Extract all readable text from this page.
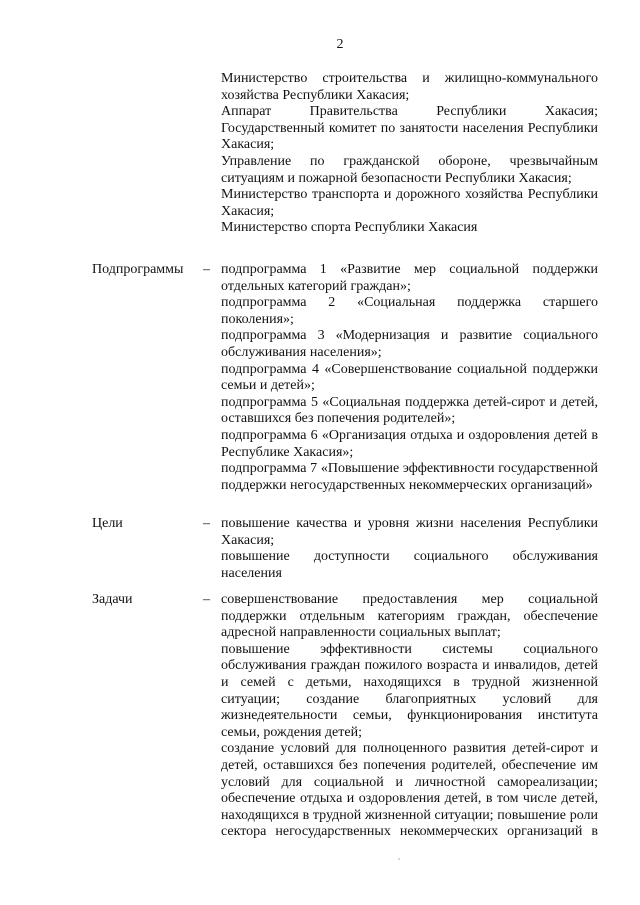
2
Министерство строительства и жилищно-коммунального
хозяйства Республики Хакасия;
Аппарат Правительства Республики Хакасия;
Государственный комитет по занятости населения Республики
Хакасия;
Управление по гражданской обороне, чрезвычайным
ситуациям и пожарной безопасности Республики Хакасия;
Министерство транспорта и дорожного хозяйства Республики
Хакасия;
Министерство спорта Республики Хакасия
Подпрограммы – подпрограмма 1 «Развитие мер социальной поддержки
отдельных категорий граждан»;
подпрограмма 2 «Социальная поддержка старшего
поколения»;
подпрограмма 3 «Модернизация и развитие социального
обслуживания населения»;
подпрограмма 4 «Совершенствование социальной поддержки
семьи и детей»;
подпрограмма 5 «Социальная поддержка детей-сирот и детей,
оставшихся без попечения родителей»;
подпрограмма 6 «Организация отдыха и оздоровления детей в
Республике Хакасия»;
подпрограмма 7 «Повышение эффективности государственной
поддержки негосударственных некоммерческих организаций»
Цели	– повышение качества и уровня жизни населения Республики
Хакасия;
повышение доступности социального обслуживания населения
Задачи	– совершенствование предоставления мер социальной
поддержки отдельным категориям граждан, обеспечение
адресной направленности социальных выплат;
повышение эффективности системы социального
обслуживания граждан пожилого возраста и инвалидов, детей
и семей с детьми, находящихся в трудной жизненной
ситуации; создание благоприятных условий для
жизнедеятельности семьи, функционирования института
семьи, рождения детей;
создание условий для полноценного развития детей-сирот и
детей, оставшихся без попечения родителей, обеспечение им
условий для социальной и личностной самореализации;
обеспечение отдыха и оздоровления детей, в том числе детей,
находящихся в трудной жизненной ситуации; повышение роли
сектора негосударственных некоммерческих организаций в
